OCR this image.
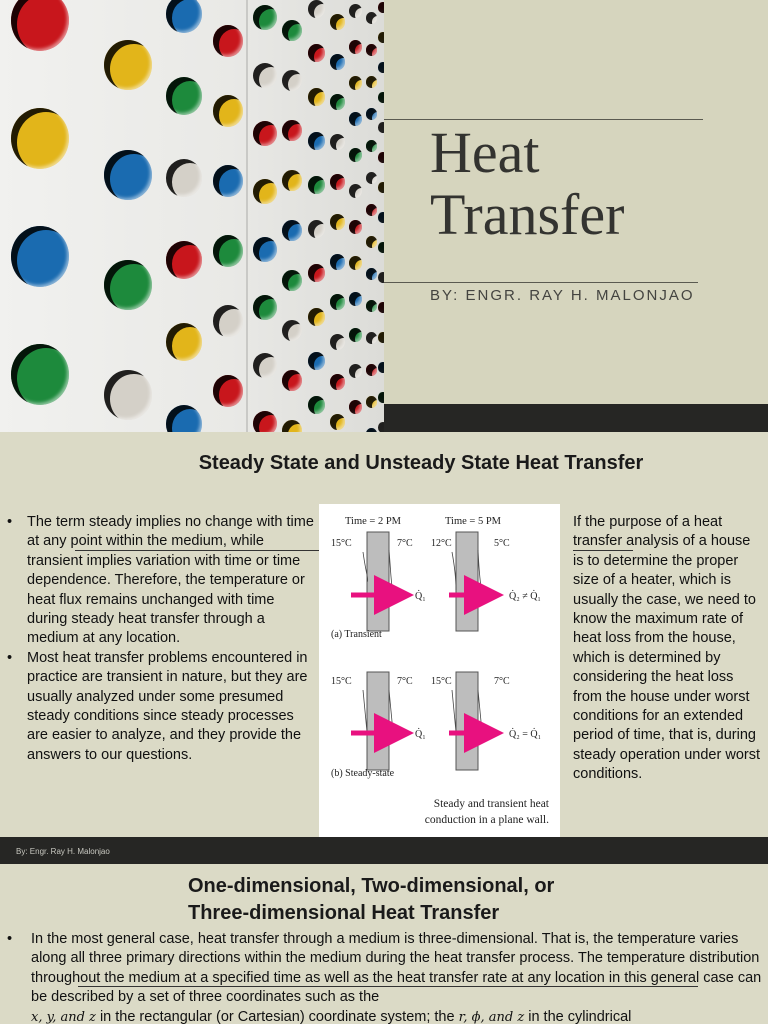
Heat
Transfer
BY: ENGR. RAY H. MALONJAO
Steady State and Unsteady State Heat Transfer
• The term steady implies no change with time at any point within the medium, while transient implies variation with time or time dependence. Therefore, the temperature or heat flux remains unchanged with time during steady heat transfer through a medium at any location.
• Most heat transfer problems encountered in practice are transient in nature, but they are usually analyzed under some presumed steady conditions since steady processes are easier to analyze, and they provide the answers to our questions.
Time = 2 PM	Time = 5 PM
15°C	7°C 12°C	5°C
Q̇₁	Q̇₂ ≠ Q̇₁
(a) Transient
15°C	7°C 15°C	7°C
Q̇₁	Q̇₂ = Q̇₁
(b) Steady-state
Steady and transient heat
conduction in a plane wall.
If the purpose of a heat transfer analysis of a house is to determine the proper size of a heater, which is usually the case, we need to know the maximum rate of heat loss from the house, which is determined by considering the heat loss from the house under worst conditions for an extended period of time, that is, during steady operation under worst conditions.
By: Engr. Ray H. Malonjao
One-dimensional, Two-dimensional, or
Three-dimensional Heat Transfer
•	In the most general case, heat transfer through a medium is three-dimensional. That is, the temperature varies along all three primary directions within the medium during the heat transfer process. The temperature distribution throughout the medium at a specified time as well as the heat transfer rate at any location in this general case can be described by a set of three coordinates such as the
x, y, and z in the rectangular (or Cartesian) coordinate system; the r, ϕ, and z in the cylindrical
